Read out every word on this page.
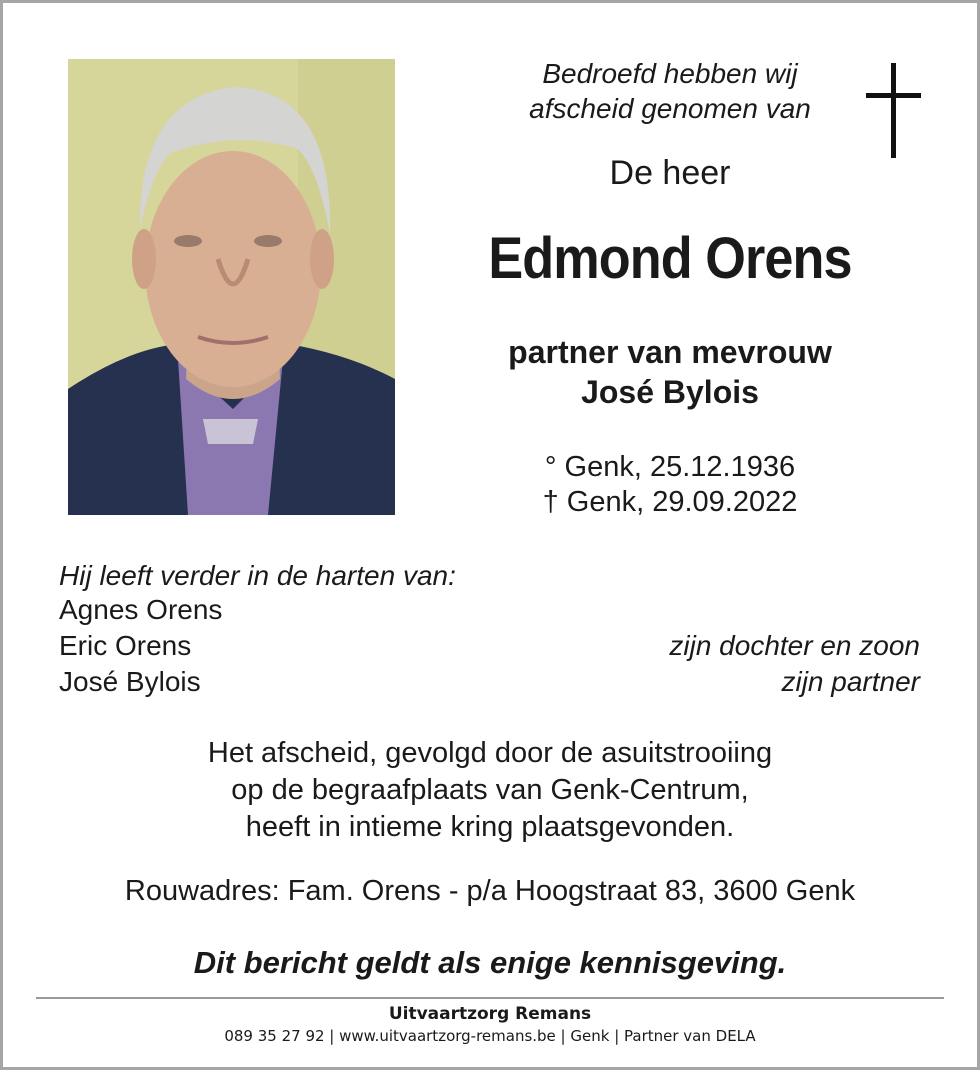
Bedroefd hebben wij
afscheid genomen van
De heer
Edmond Orens
partner van mevrouw
José Bylois
° Genk, 25.12.1936
† Genk, 29.09.2022
Hij leeft verder in de harten van:
Agnes Orens
Eric Orens	zijn dochter en zoon
José Bylois	zijn partner
Het afscheid, gevolgd door de asuitstrooiing
op de begraafplaats van Genk-Centrum,
heeft in intieme kring plaatsgevonden.
Rouwadres: Fam. Orens - p/a Hoogstraat 83, 3600 Genk
Dit bericht geldt als enige kennisgeving.
Uitvaartzorg Remans
089 35 27 92 | www.uitvaartzorg-remans.be | Genk | Partner van DELA
